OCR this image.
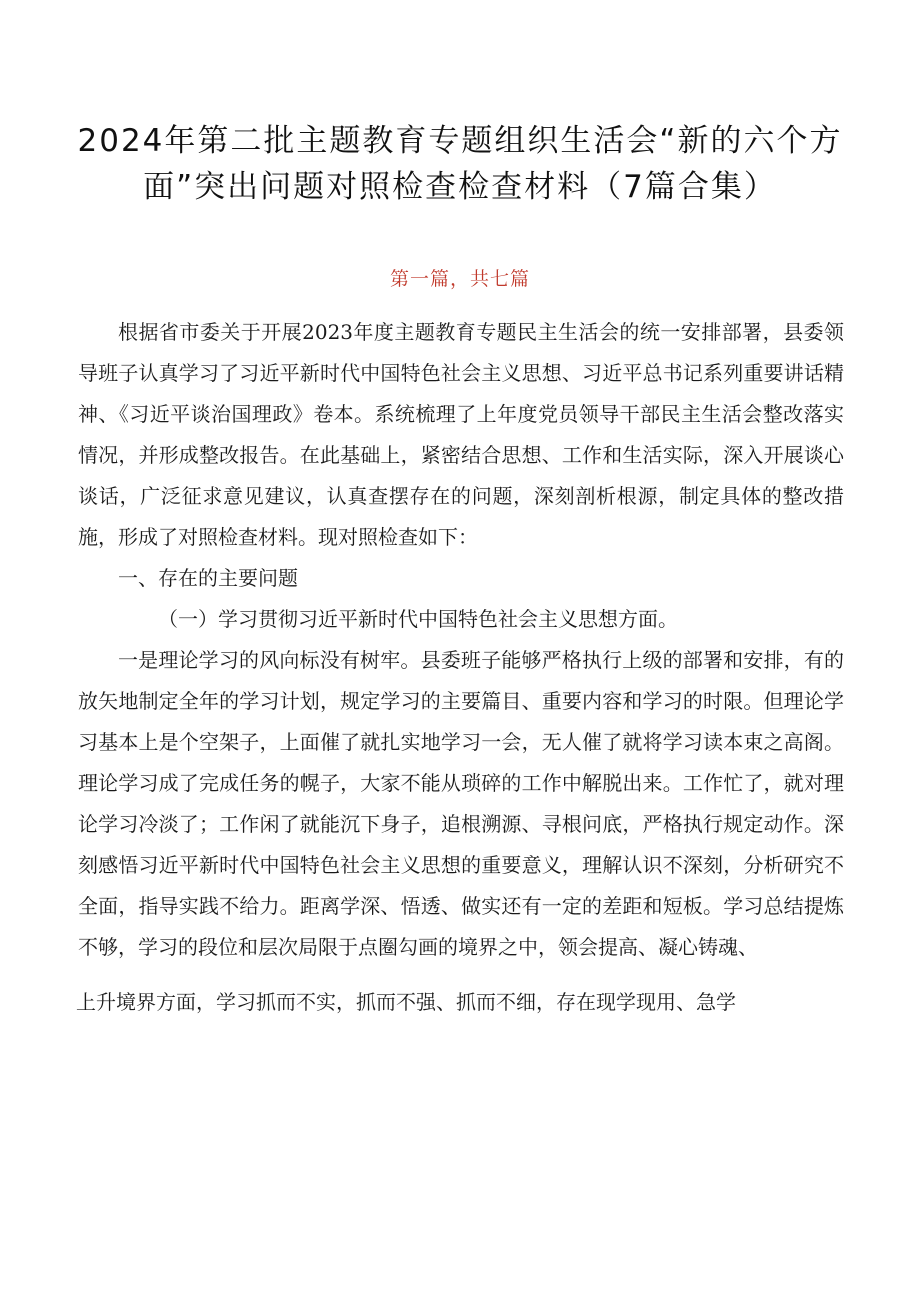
2024年第二批主题教育专题组织生活会“新的六个方
面”突出问题对照检查检查材料（7篇合集）
第一篇，共七篇

根据省市委关于开展2023年度主题教育专题民主生活会的统一安排部署，县委领导班子认真学习了习近平新时代中国特色社会主义思想、习近平总书记系列重要讲话精神、《习近平谈治国理政》卷本。系统梳理了上年度党员领导干部民主生活会整改落实情况，并形成整改报告。在此基础上，紧密结合思想、工作和生活实际，深入开展谈心谈话，广泛征求意见建议，认真查摆存在的问题，深刻剖析根源，制定具体的整改措施，形成了对照检查材料。现对照检查如下：

一、存在的主要问题

（一）学习贯彻习近平新时代中国特色社会主义思想方面。

一是理论学习的风向标没有树牢。县委班子能够严格执行上级的部署和安排，有的放矢地制定全年的学习计划，规定学习的主要篇目、重要内容和学习的时限。但理论学习基本上是个空架子，上面催了就扎实地学习一会，无人催了就将学习读本束之高阁。理论学习成了完成任务的幌子，大家不能从琐碎的工作中解脱出来。工作忙了，就对理论学习冷淡了；工作闲了就能沉下身子，追根溯源、寻根问底，严格执行规定动作。深刻感悟习近平新时代中国特色社会主义思想的重要意义，理解认识不深刻，分析研究不全面，指导实践不给力。距离学深、悟透、做实还有一定的差距和短板。学习总结提炼不够，学习的段位和层次局限于点圈勾画的境界之中，领会提高、凝心铸魂、

上升境界方面，学习抓而不实，抓而不强、抓而不细，存在现学现用、急学
